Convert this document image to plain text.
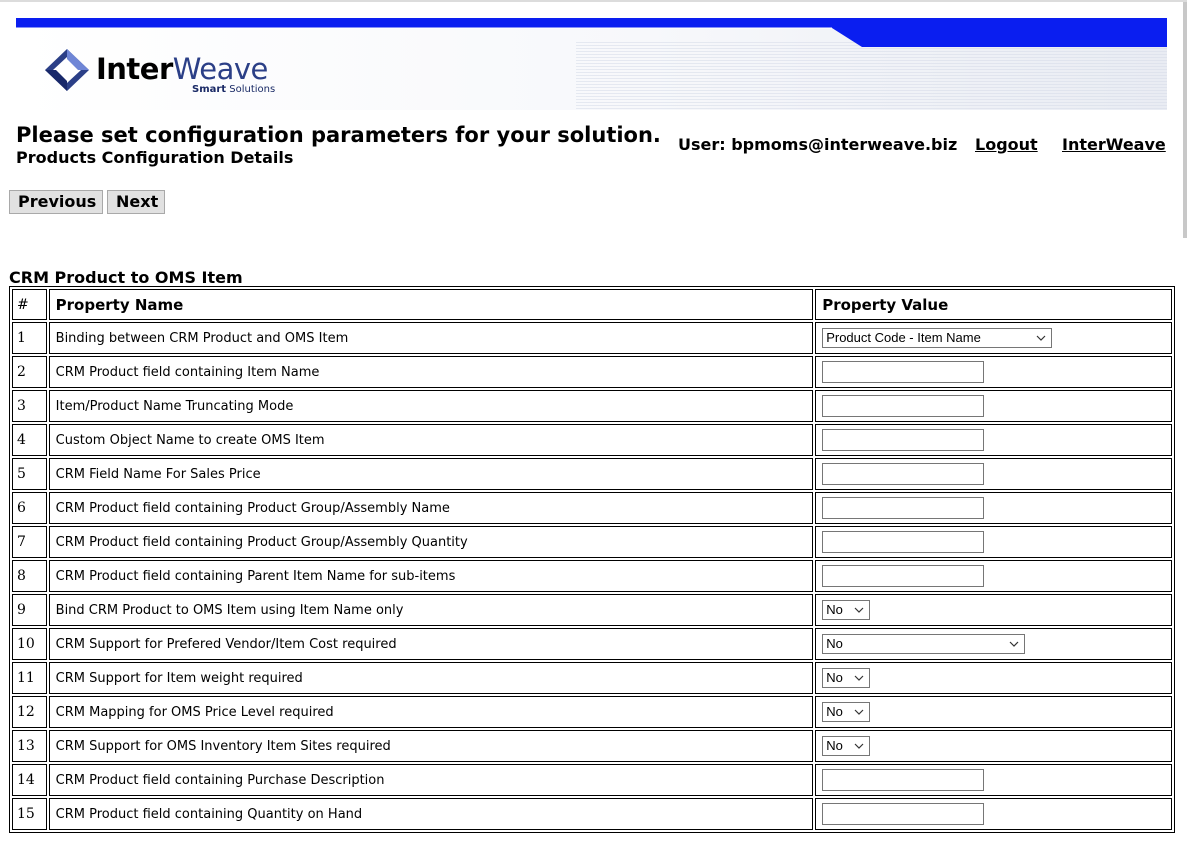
InterWeave
Smart Solutions
Please set configuration parameters for your solution.
Products Configuration Details
User: bpmoms@interweave.biz Logout InterWeave
Previous	Next
CRM Product to OMS Item
#	Property Name	Property Value
1	Binding between CRM Product and OMS Item	Product Code - Item Name

2	CRM Product field containing Item Name	
3	Item/Product Name Truncating Mode	
4	Custom Object Name to create OMS Item	
5	CRM Field Name For Sales Price	
6	CRM Product field containing Product Group/Assembly Name	
7	CRM Product field containing Product Group/Assembly Quantity	
8	CRM Product field containing Parent Item Name for sub-items	
9	Bind CRM Product to OMS Item using Item Name only	No

10	CRM Support for Prefered Vendor/Item Cost required	No

11	CRM Support for Item weight required	No

12	CRM Mapping for OMS Price Level required	No

13	CRM Support for OMS Inventory Item Sites required	No

14	CRM Product field containing Purchase Description	
15	CRM Product field containing Quantity on Hand	
